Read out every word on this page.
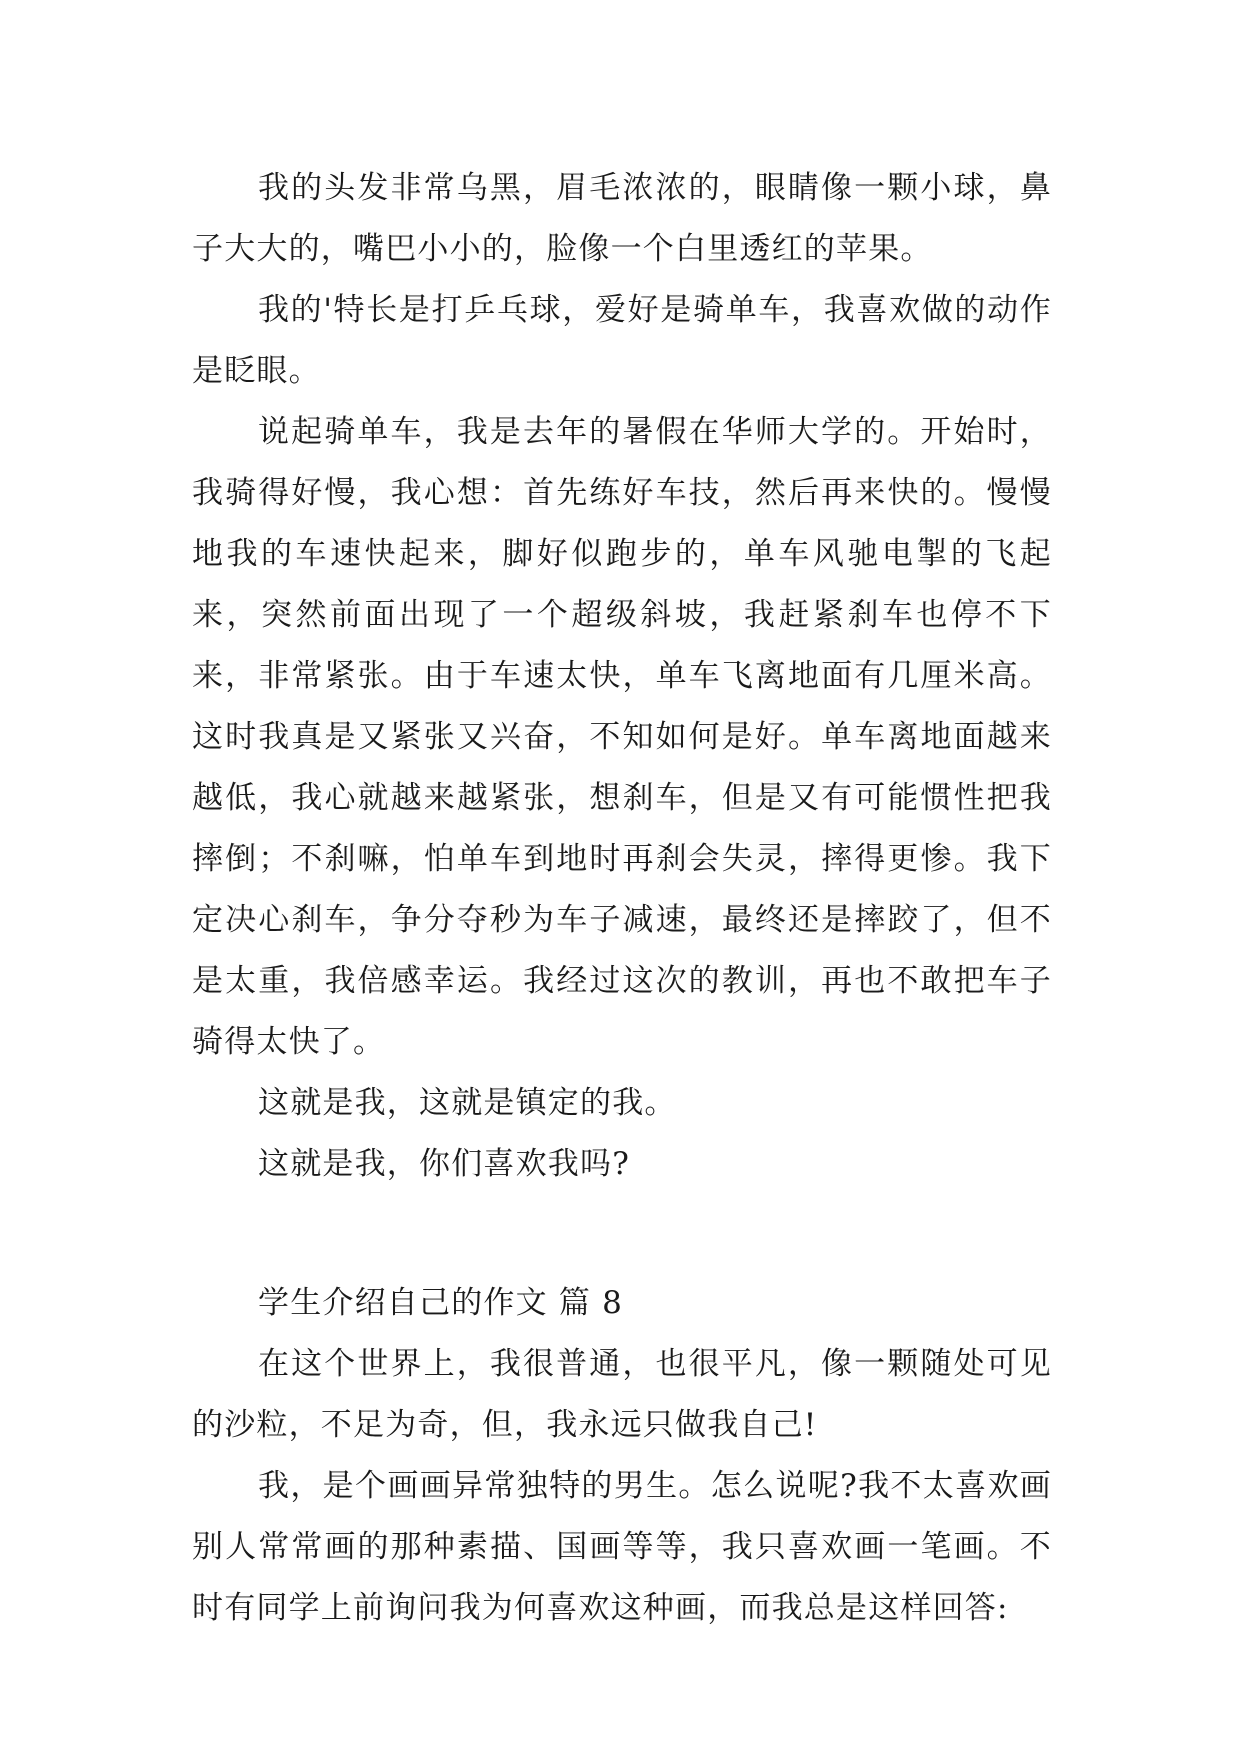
我的头发非常乌黑，眉毛浓浓的，眼睛像一颗小球，鼻子大大的，嘴巴小小的，脸像一个白里透红的苹果。

我的'特长是打乒乓球，爱好是骑单车，我喜欢做的动作是眨眼。

说起骑单车，我是去年的暑假在华师大学的。开始时，我骑得好慢，我心想：首先练好车技，然后再来快的。慢慢地我的车速快起来，脚好似跑步的，单车风驰电掣的飞起来，突然前面出现了一个超级斜坡，我赶紧刹车也停不下来，非常紧张。由于车速太快，单车飞离地面有几厘米高。这时我真是又紧张又兴奋，不知如何是好。单车离地面越来越低，我心就越来越紧张，想刹车，但是又有可能惯性把我摔倒；不刹嘛，怕单车到地时再刹会失灵，摔得更惨。我下定决心刹车，争分夺秒为车子减速，最终还是摔跤了，但不是太重，我倍感幸运。我经过这次的教训，再也不敢把车子骑得太快了。

这就是我，这就是镇定的我。

这就是我，你们喜欢我吗?

学生介绍自己的作文 篇 8

在这个世界上，我很普通，也很平凡，像一颗随处可见的沙粒，不足为奇，但，我永远只做我自己!

我，是个画画异常独特的男生。怎么说呢?我不太喜欢画别人常常画的那种素描、国画等等，我只喜欢画一笔画。不时有同学上前询问我为何喜欢这种画，而我总是这样回答:
